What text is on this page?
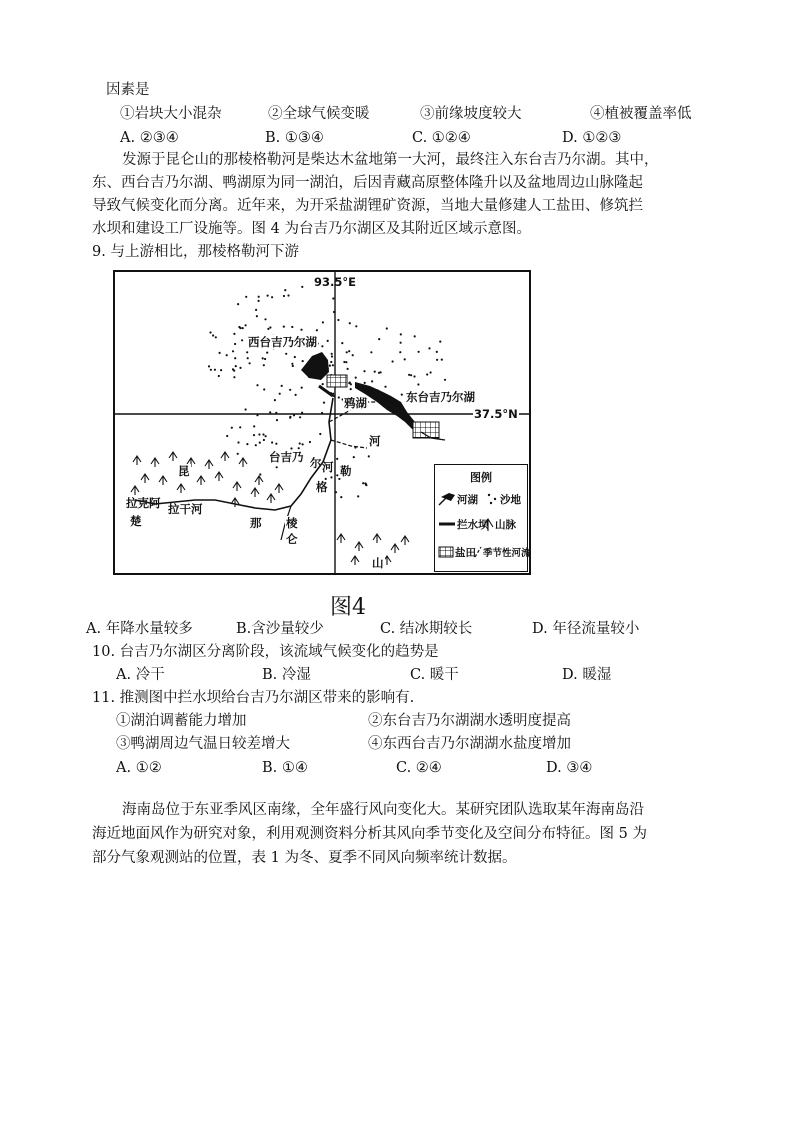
因素是
①岩块大小混杂	②全球气候变暖	③前缘坡度较大	④植被覆盖率低
A. ②③④	B. ①③④	C. ①②④	D. ①②③
发源于昆仑山的那棱格勒河是柴达木盆地第一大河，最终注入东台吉乃尔湖。其中，
东、西台吉乃尔湖、鸭湖原为同一湖泊，后因青藏高原整体隆升以及盆地周边山脉隆起
导致气候变化而分离。近年来，为开采盐湖锂矿资源，当地大量修建人工盐田、修筑拦
水坝和建设工厂设施等。图 4 为台吉乃尔湖区及其附近区域示意图。
9. 与上游相比，那棱格勒河下游
93.5°E
37.5°N
西台吉乃尔湖
东台吉乃尔湖
鸦湖
河
台吉乃 尔 河 勒
格
昆
拉克阿
楚
拉干河
那 棱
仑
山
图例
河湖 沙地
拦水坝 山脉
盐田 季节性河流
图4
A. 年降水量较多	B.含沙量较少	C. 结冰期较长	D. 年径流量较小
10. 台吉乃尔湖区分离阶段，该流域气候变化的趋势是
A. 冷干	B. 冷湿	C. 暖干	D. 暖湿
11. 推测图中拦水坝给台吉乃尔湖区带来的影响有.
①湖泊调蓄能力增加	②东台吉乃尔湖湖水透明度提高
③鸭湖周边气温日较差增大	④东西台吉乃尔湖湖水盐度增加
A. ①②	B. ①④	C. ②④	D. ③④
海南岛位于东亚季风区南缘，全年盛行风向变化大。某研究团队选取某年海南岛沿
海近地面风作为研究对象，利用观测资料分析其风向季节变化及空间分布特征。图 5 为
部分气象观测站的位置，表 1 为冬、夏季不同风向频率统计数据。
